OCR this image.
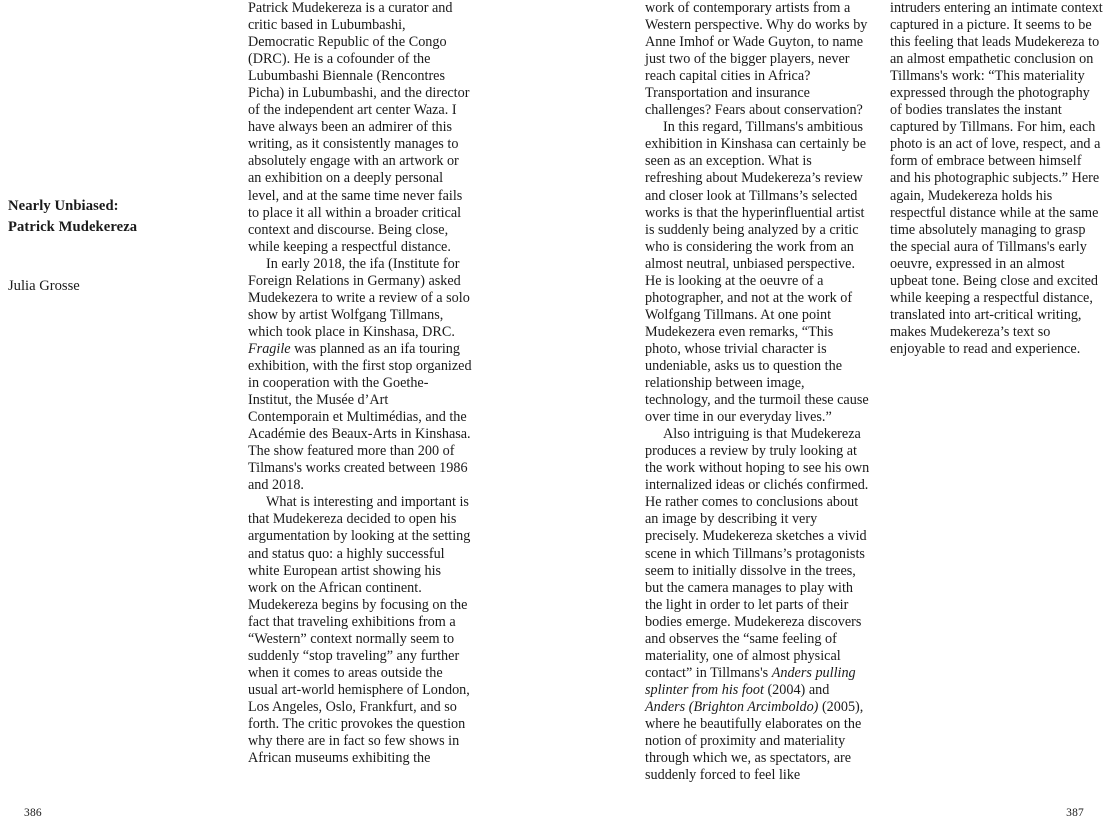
Nearly Unbiased:
Patrick Mudekereza

Julia Grosse

Patrick Mudekereza is a curator and critic based in Lubumbashi, Democratic Republic of the Congo (DRC). He is a cofounder of the Lubumbashi Biennale (Rencontres Picha) in Lubumbashi, and the director of the independent art center Waza. I have always been an admirer of this writing, as it consistently manages to absolutely engage with an artwork or an exhibition on a deeply personal level, and at the same time never fails to place it all within a broader critical context and discourse. Being close, while keeping a respectful distance.

In early 2018, the ifa (Institute for Foreign Relations in Germany) asked Mudekezera to write a review of a solo show by artist Wolfgang Tillmans, which took place in Kinshasa, DRC. Fragile was planned as an ifa touring exhibition, with the first stop organized in cooperation with the Goethe-Institut, the Musée d’Art Contemporain et Multimédias, and the Académie des Beaux-Arts in Kinshasa. The show featured more than 200 of Tilmans's works created between 1986 and 2018.

What is interesting and important is that Mudekereza decided to open his argumentation by looking at the setting and status quo: a highly successful white European artist showing his work on the African continent. Mudekereza begins by focusing on the fact that traveling exhibitions from a “Western” context normally seem to suddenly “stop traveling” any further when it comes to areas outside the usual art-world hemisphere of London, Los Angeles, Oslo, Frankfurt, and so forth. The critic provokes the question why there are in fact so few shows in African museums exhibiting the

work of contemporary artists from a Western perspective. Why do works by Anne Imhof or Wade Guyton, to name just two of the bigger players, never reach capital cities in Africa? Transportation and insurance challenges? Fears about conservation?

In this regard, Tillmans's ambitious exhibition in Kinshasa can certainly be seen as an exception. What is refreshing about Mudekereza’s review and closer look at Tillmans’s selected works is that the hyperinfluential artist is suddenly being analyzed by a critic who is considering the work from an almost neutral, unbiased perspective. He is looking at the oeuvre of a photographer, and not at the work of Wolfgang Tillmans. At one point Mudekezera even remarks, “This photo, whose trivial character is undeniable, asks us to question the relationship between image, technology, and the turmoil these cause over time in our everyday lives.”

Also intriguing is that Mudekereza produces a review by truly looking at the work without hoping to see his own internalized ideas or clichés confirmed. He rather comes to conclusions about an image by describing it very precisely. Mudekereza sketches a vivid scene in which Tillmans’s protagonists seem to initially dissolve in the trees, but the camera manages to play with the light in order to let parts of their bodies emerge. Mudekereza discovers and observes the “same feeling of materiality, one of almost physical contact” in Tillmans's Anders pulling splinter from his foot (2004) and Anders (Brighton Arcimboldo) (2005), where he beautifully elaborates on the notion of proximity and materiality through which we, as spectators, are suddenly forced to feel like

intruders entering an intimate context captured in a picture. It seems to be this feeling that leads Mudekereza to an almost empathetic conclusion on Tillmans's work: “This materiality expressed through the photography of bodies translates the instant captured by Tillmans. For him, each photo is an act of love, respect, and a form of embrace between himself and his photographic subjects.” Here again, Mudekereza holds his respectful distance while at the same time absolutely managing to grasp the special aura of Tillmans's early oeuvre, expressed in an almost upbeat tone. Being close and excited while keeping a respectful distance, translated into art-critical writing, makes Mudekereza’s text so enjoyable to read and experience.

386	387
